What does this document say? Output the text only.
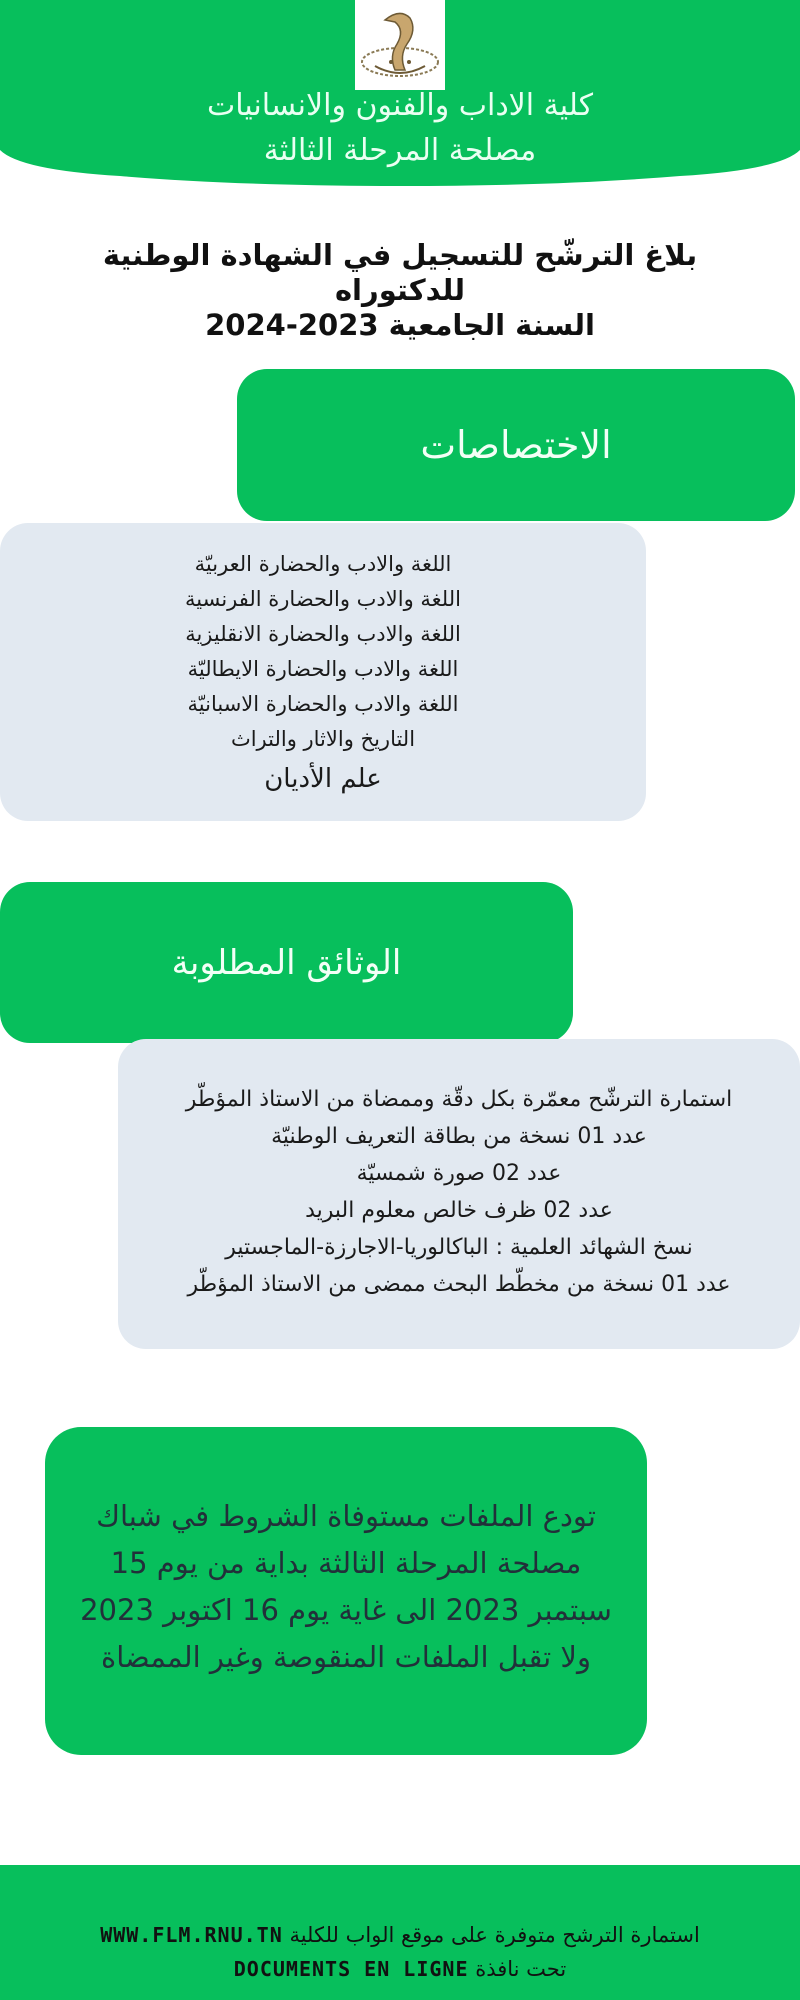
كلية الاداب والفنون والانسانيات
مصلحة المرحلة الثالثة
بلاغ الترشّح للتسجيل في الشهادة الوطنية
للدكتوراه
السنة الجامعية 2023-2024
الاختصاصات
اللغة والادب والحضارة العربيّة
اللغة والادب والحضارة الفرنسية
اللغة والادب والحضارة الانقليزية
اللغة والادب والحضارة الايطاليّة
اللغة والادب والحضارة الاسبانيّة
التاريخ والاثار والتراث
علم الأديان
الوثائق المطلوبة
استمارة الترشّح معمّرة بكل دقّة وممضاة من الاستاذ المؤطّر
عدد 01 نسخة من بطاقة التعريف الوطنيّة
عدد 02 صورة شمسيّة
عدد 02 ظرف خالص معلوم البريد
نسخ الشهائد العلمية : الباكالوريا-الاجارزة-الماجستير
عدد 01 نسخة من مخطّط البحث ممضى من الاستاذ المؤطّر
تودع الملفات مستوفاة الشروط في شباك
مصلحة المرحلة الثالثة بداية من يوم 15
سبتمبر 2023 الى غاية يوم 16 اكتوبر 2023
ولا تقبل الملفات المنقوصة وغير الممضاة
WWW.FLM.RNU.TN استمارة الترشح متوفرة على موقع الواب للكلية
DOCUMENTS EN LIGNE تحت نافذة
